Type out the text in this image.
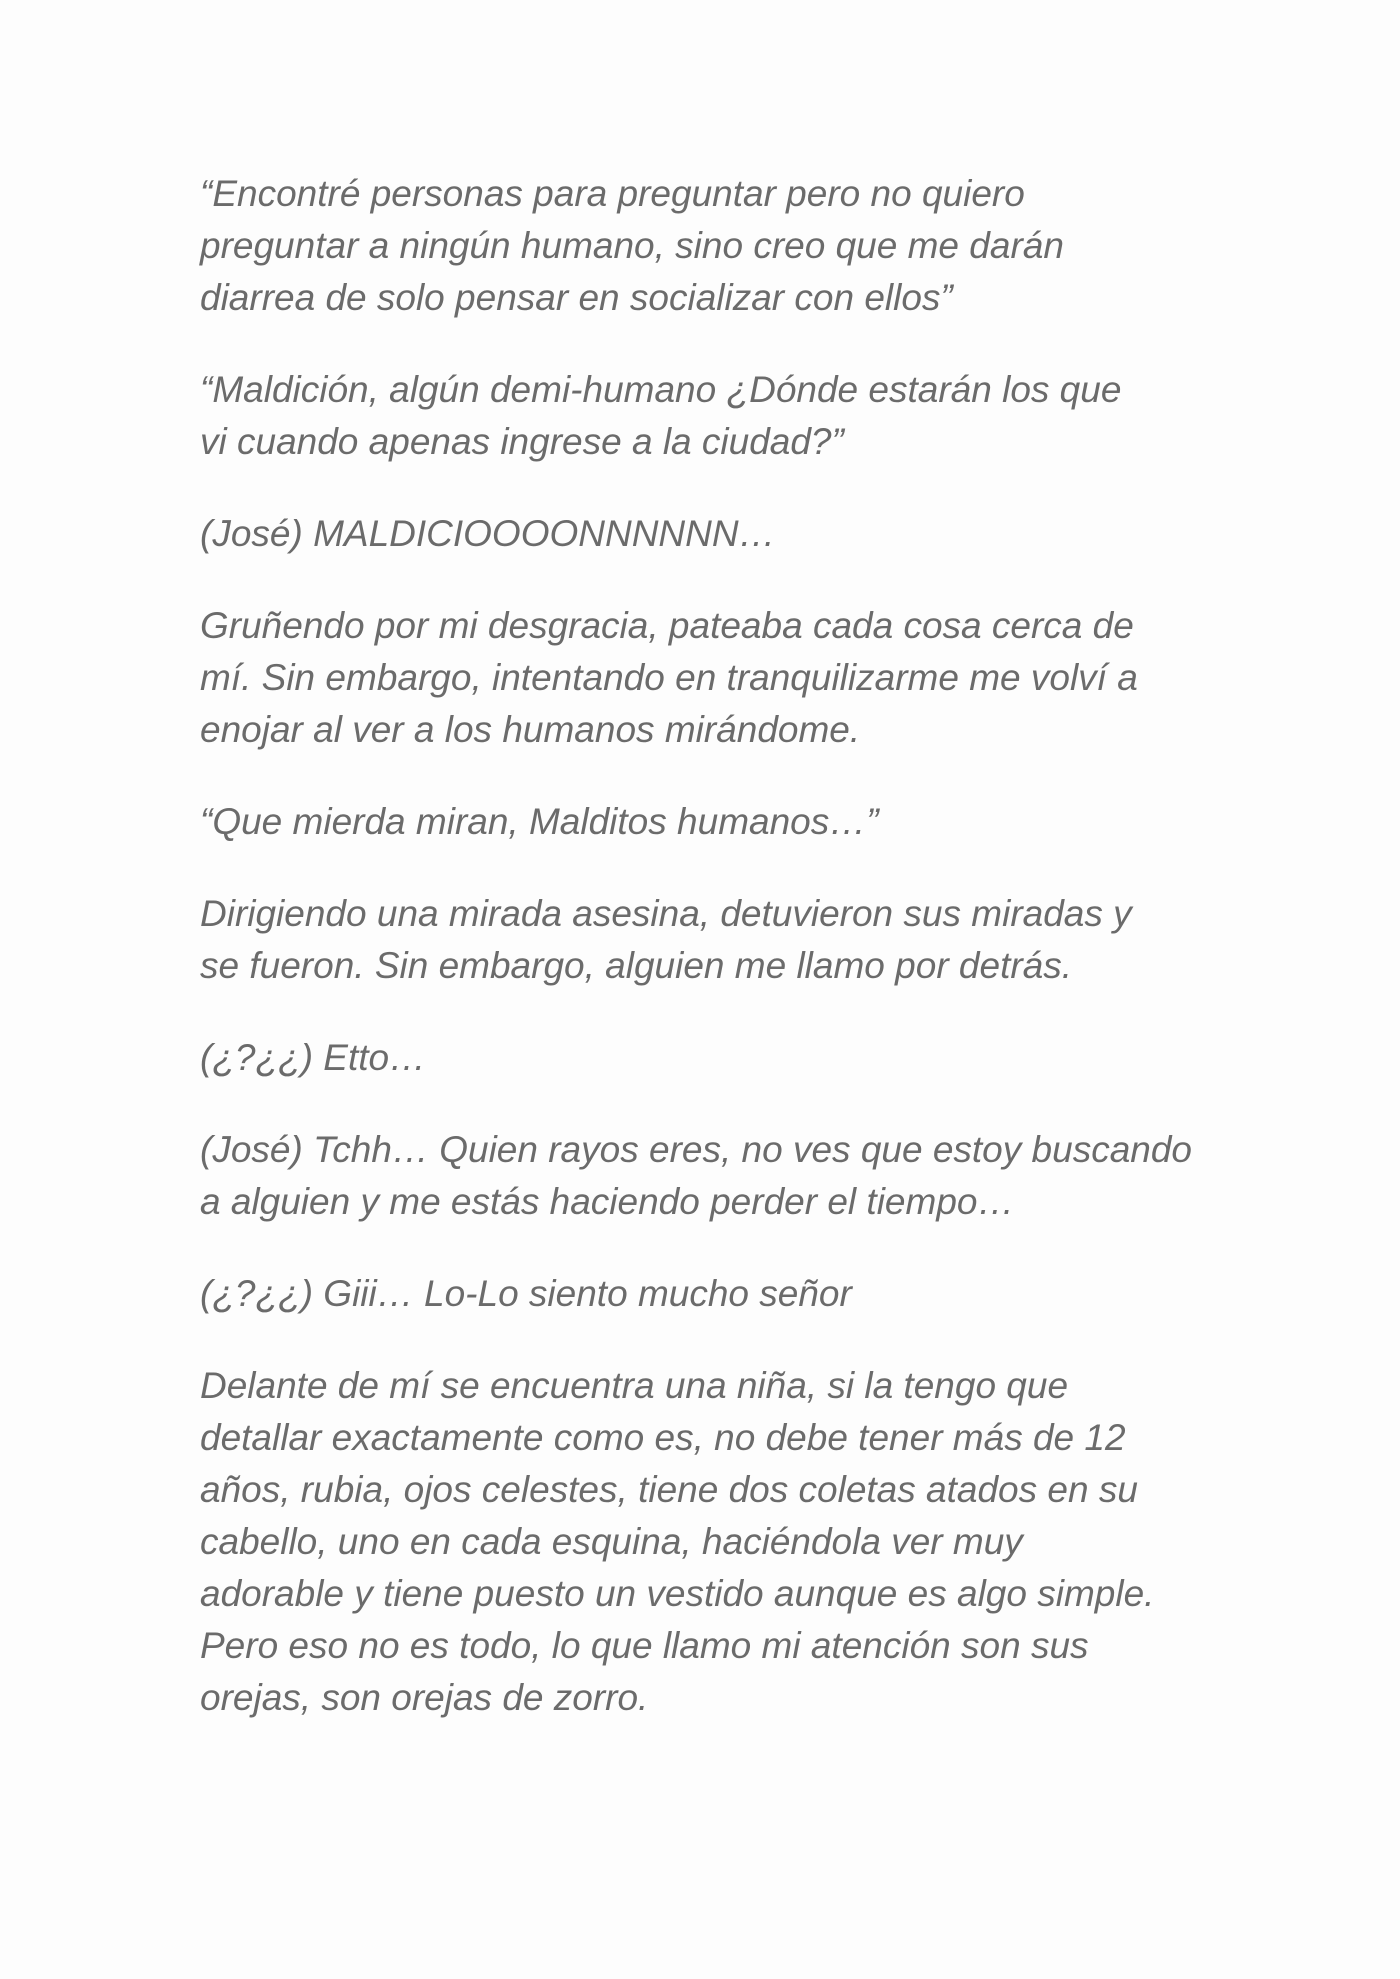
“Encontré personas para preguntar pero no quiero
preguntar a ningún humano, sino creo que me darán
diarrea de solo pensar en socializar con ellos”

“Maldición, algún demi-humano ¿Dónde estarán los que
vi cuando apenas ingrese a la ciudad?”

(José) MALDICIOOOONNNNNN…

Gruñendo por mi desgracia, pateaba cada cosa cerca de
mí. Sin embargo, intentando en tranquilizarme me volví a
enojar al ver a los humanos mirándome.

“Que mierda miran, Malditos humanos…”

Dirigiendo una mirada asesina, detuvieron sus miradas y
se fueron. Sin embargo, alguien me llamo por detrás.

(¿?¿¿) Etto…

(José) Tchh… Quien rayos eres, no ves que estoy buscando
a alguien y me estás haciendo perder el tiempo…

(¿?¿¿) Giii… Lo-Lo siento mucho señor

Delante de mí se encuentra una niña, si la tengo que
detallar exactamente como es, no debe tener más de 12
años, rubia, ojos celestes, tiene dos coletas atados en su
cabello, uno en cada esquina, haciéndola ver muy
adorable y tiene puesto un vestido aunque es algo simple.
Pero eso no es todo, lo que llamo mi atención son sus
orejas, son orejas de zorro.
